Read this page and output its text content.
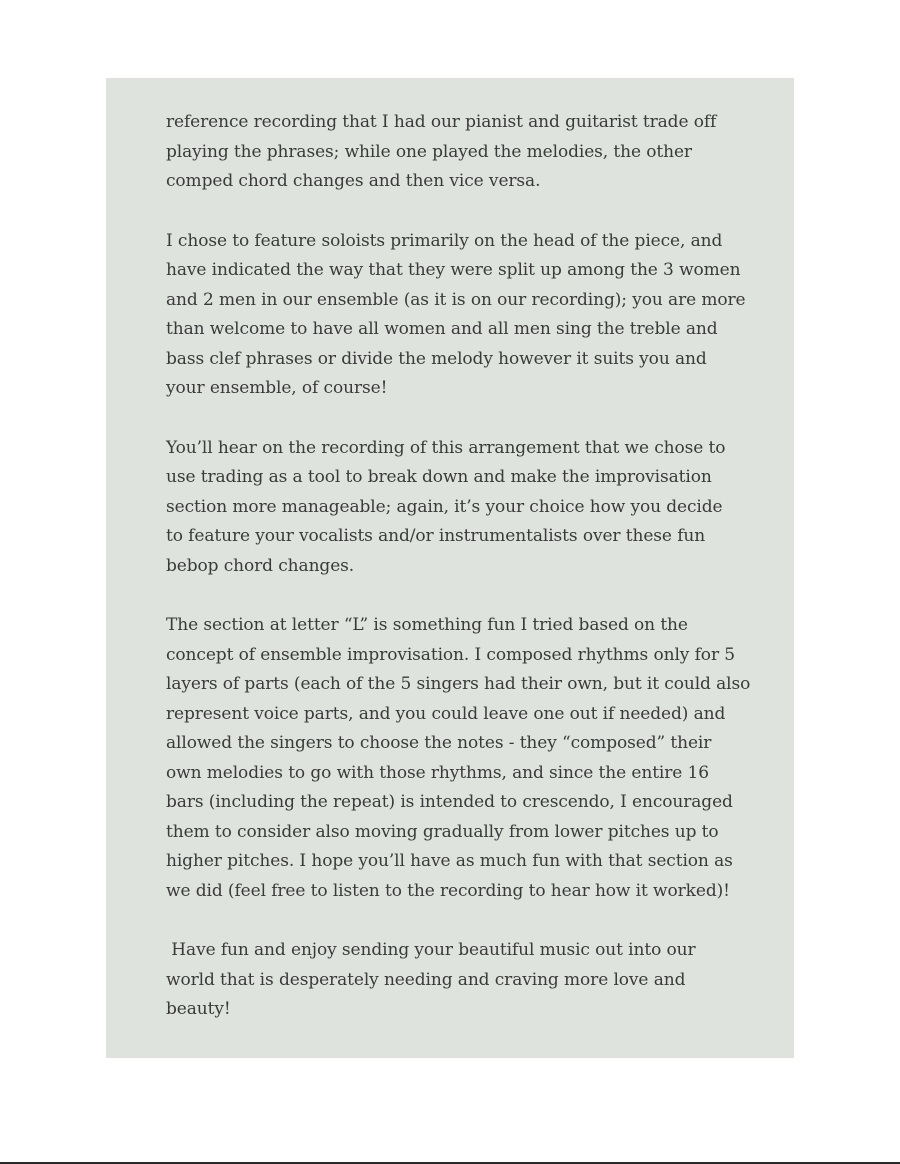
reference recording that I had our pianist and guitarist trade off
playing the phrases; while one played the melodies, the other
comped chord changes and then vice versa.

I chose to feature soloists primarily on the head of the piece, and
have indicated the way that they were split up among the 3 women
and 2 men in our ensemble (as it is on our recording); you are more
than welcome to have all women and all men sing the treble and
bass clef phrases or divide the melody however it suits you and
your ensemble, of course!

You’ll hear on the recording of this arrangement that we chose to
use trading as a tool to break down and make the improvisation
section more manageable; again, it’s your choice how you decide
to feature your vocalists and/or instrumentalists over these fun
bebop chord changes.

The section at letter “L” is something fun I tried based on the
concept of ensemble improvisation. I composed rhythms only for 5
layers of parts (each of the 5 singers had their own, but it could also
represent voice parts, and you could leave one out if needed) and
allowed the singers to choose the notes - they “composed” their
own melodies to go with those rhythms, and since the entire 16
bars (including the repeat) is intended to crescendo, I encouraged
them to consider also moving gradually from lower pitches up to
higher pitches. I hope you’ll have as much fun with that section as
we did (feel free to listen to the recording to hear how it worked)!

Have fun and enjoy sending your beautiful music out into our
world that is desperately needing and craving more love and
beauty!
